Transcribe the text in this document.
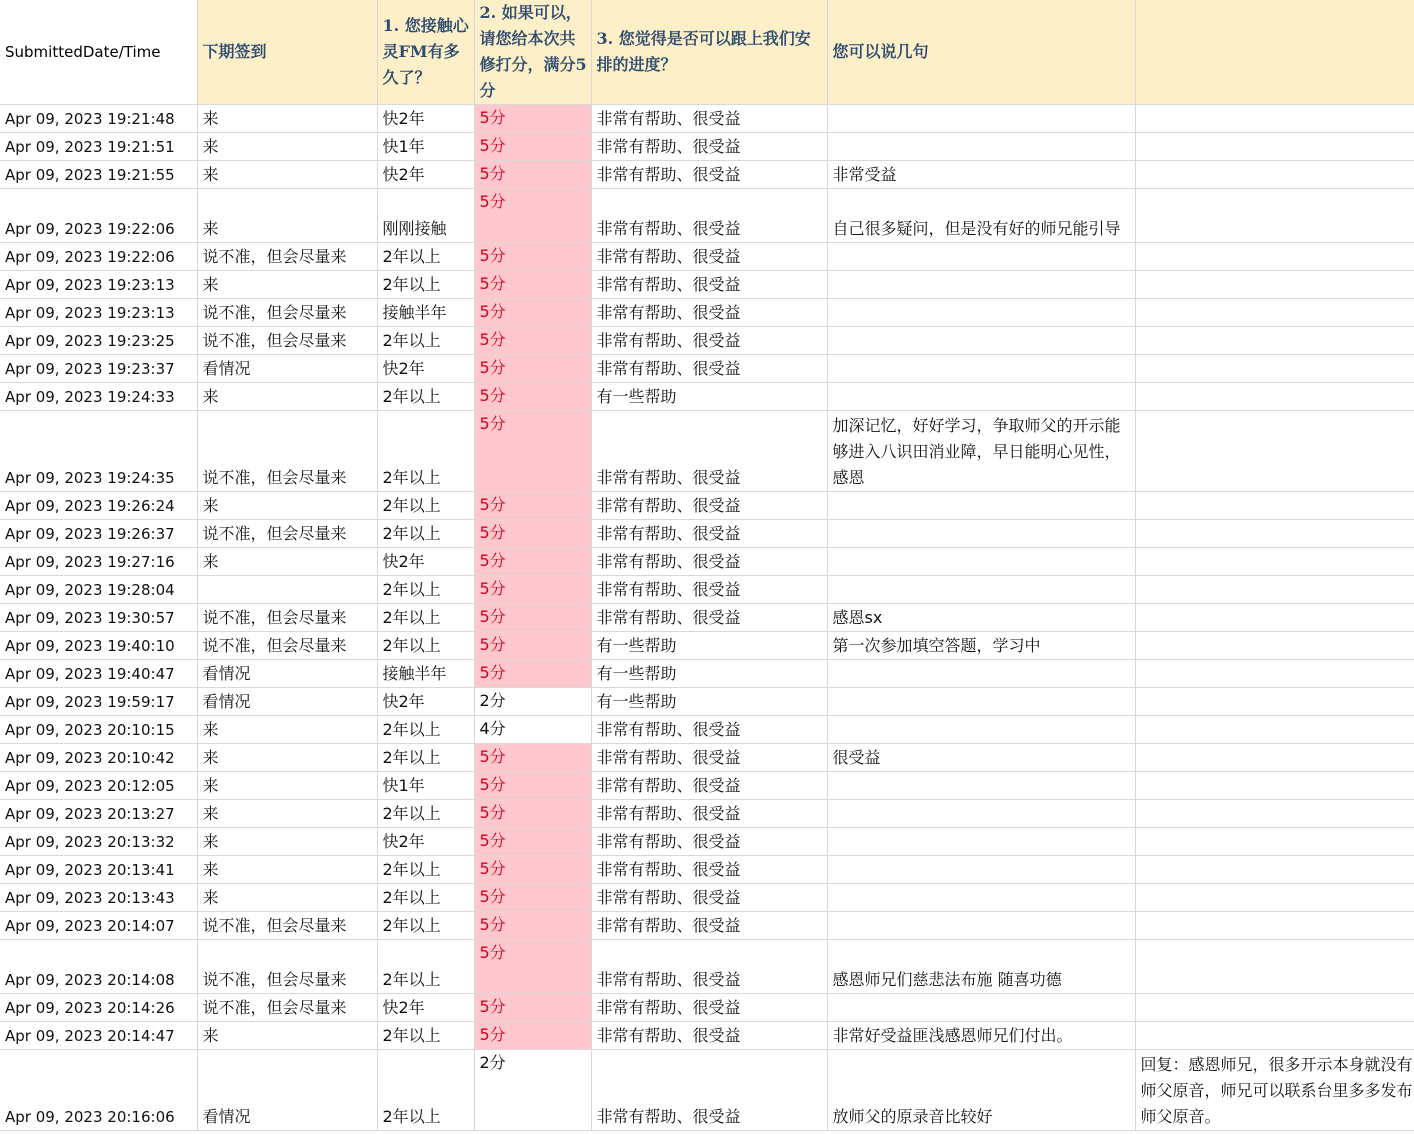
SubmittedDate/Time	下期签到	1. 您接触心灵FM有多久了？	2. 如果可以，请您给本次共修打分，满分5分	3. 您觉得是否可以跟上我们安排的进度？	您可以说几句	
Apr 09, 2023 19:21:48	来	快2年	5分	非常有帮助、很受益		
Apr 09, 2023 19:21:51	来	快1年	5分	非常有帮助、很受益		
Apr 09, 2023 19:21:55	来	快2年	5分	非常有帮助、很受益	非常受益	
Apr 09, 2023 19:22:06	来	刚刚接触	5分	非常有帮助、很受益	自己很多疑问，但是没有好的师兄能引导	
Apr 09, 2023 19:22:06	说不准，但会尽量来	2年以上	5分	非常有帮助、很受益		
Apr 09, 2023 19:23:13	来	2年以上	5分	非常有帮助、很受益		
Apr 09, 2023 19:23:13	说不准，但会尽量来	接触半年	5分	非常有帮助、很受益		
Apr 09, 2023 19:23:25	说不准，但会尽量来	2年以上	5分	非常有帮助、很受益		
Apr 09, 2023 19:23:37	看情况	快2年	5分	非常有帮助、很受益		
Apr 09, 2023 19:24:33	来	2年以上	5分	有一些帮助		
Apr 09, 2023 19:24:35	说不准，但会尽量来	2年以上	5分	非常有帮助、很受益	加深记忆，好好学习，争取师父的开示能够进入八识田消业障，早日能明心见性，感恩	
Apr 09, 2023 19:26:24	来	2年以上	5分	非常有帮助、很受益		
Apr 09, 2023 19:26:37	说不准，但会尽量来	2年以上	5分	非常有帮助、很受益		
Apr 09, 2023 19:27:16	来	快2年	5分	非常有帮助、很受益		
Apr 09, 2023 19:28:04		2年以上	5分	非常有帮助、很受益		
Apr 09, 2023 19:30:57	说不准，但会尽量来	2年以上	5分	非常有帮助、很受益	感恩sx	
Apr 09, 2023 19:40:10	说不准，但会尽量来	2年以上	5分	有一些帮助	第一次参加填空答题，学习中	
Apr 09, 2023 19:40:47	看情况	接触半年	5分	有一些帮助		
Apr 09, 2023 19:59:17	看情况	快2年	2分	有一些帮助		
Apr 09, 2023 20:10:15	来	2年以上	4分	非常有帮助、很受益		
Apr 09, 2023 20:10:42	来	2年以上	5分	非常有帮助、很受益	很受益	
Apr 09, 2023 20:12:05	来	快1年	5分	非常有帮助、很受益		
Apr 09, 2023 20:13:27	来	2年以上	5分	非常有帮助、很受益		
Apr 09, 2023 20:13:32	来	快2年	5分	非常有帮助、很受益		
Apr 09, 2023 20:13:41	来	2年以上	5分	非常有帮助、很受益		
Apr 09, 2023 20:13:43	来	2年以上	5分	非常有帮助、很受益		
Apr 09, 2023 20:14:07	说不准，但会尽量来	2年以上	5分	非常有帮助、很受益		
Apr 09, 2023 20:14:08	说不准，但会尽量来	2年以上	5分	非常有帮助、很受益	感恩师兄们慈悲法布施 随喜功德	
Apr 09, 2023 20:14:26	说不准，但会尽量来	快2年	5分	非常有帮助、很受益		
Apr 09, 2023 20:14:47	来	2年以上	5分	非常有帮助、很受益	非常好受益匪浅感恩师兄们付出。	
Apr 09, 2023 20:16:06	看情况	2年以上	2分	非常有帮助、很受益	放师父的原录音比较好	回复：感恩师兄，很多开示本身就没有师父原音，师兄可以联系台里多多发布师父原音。
